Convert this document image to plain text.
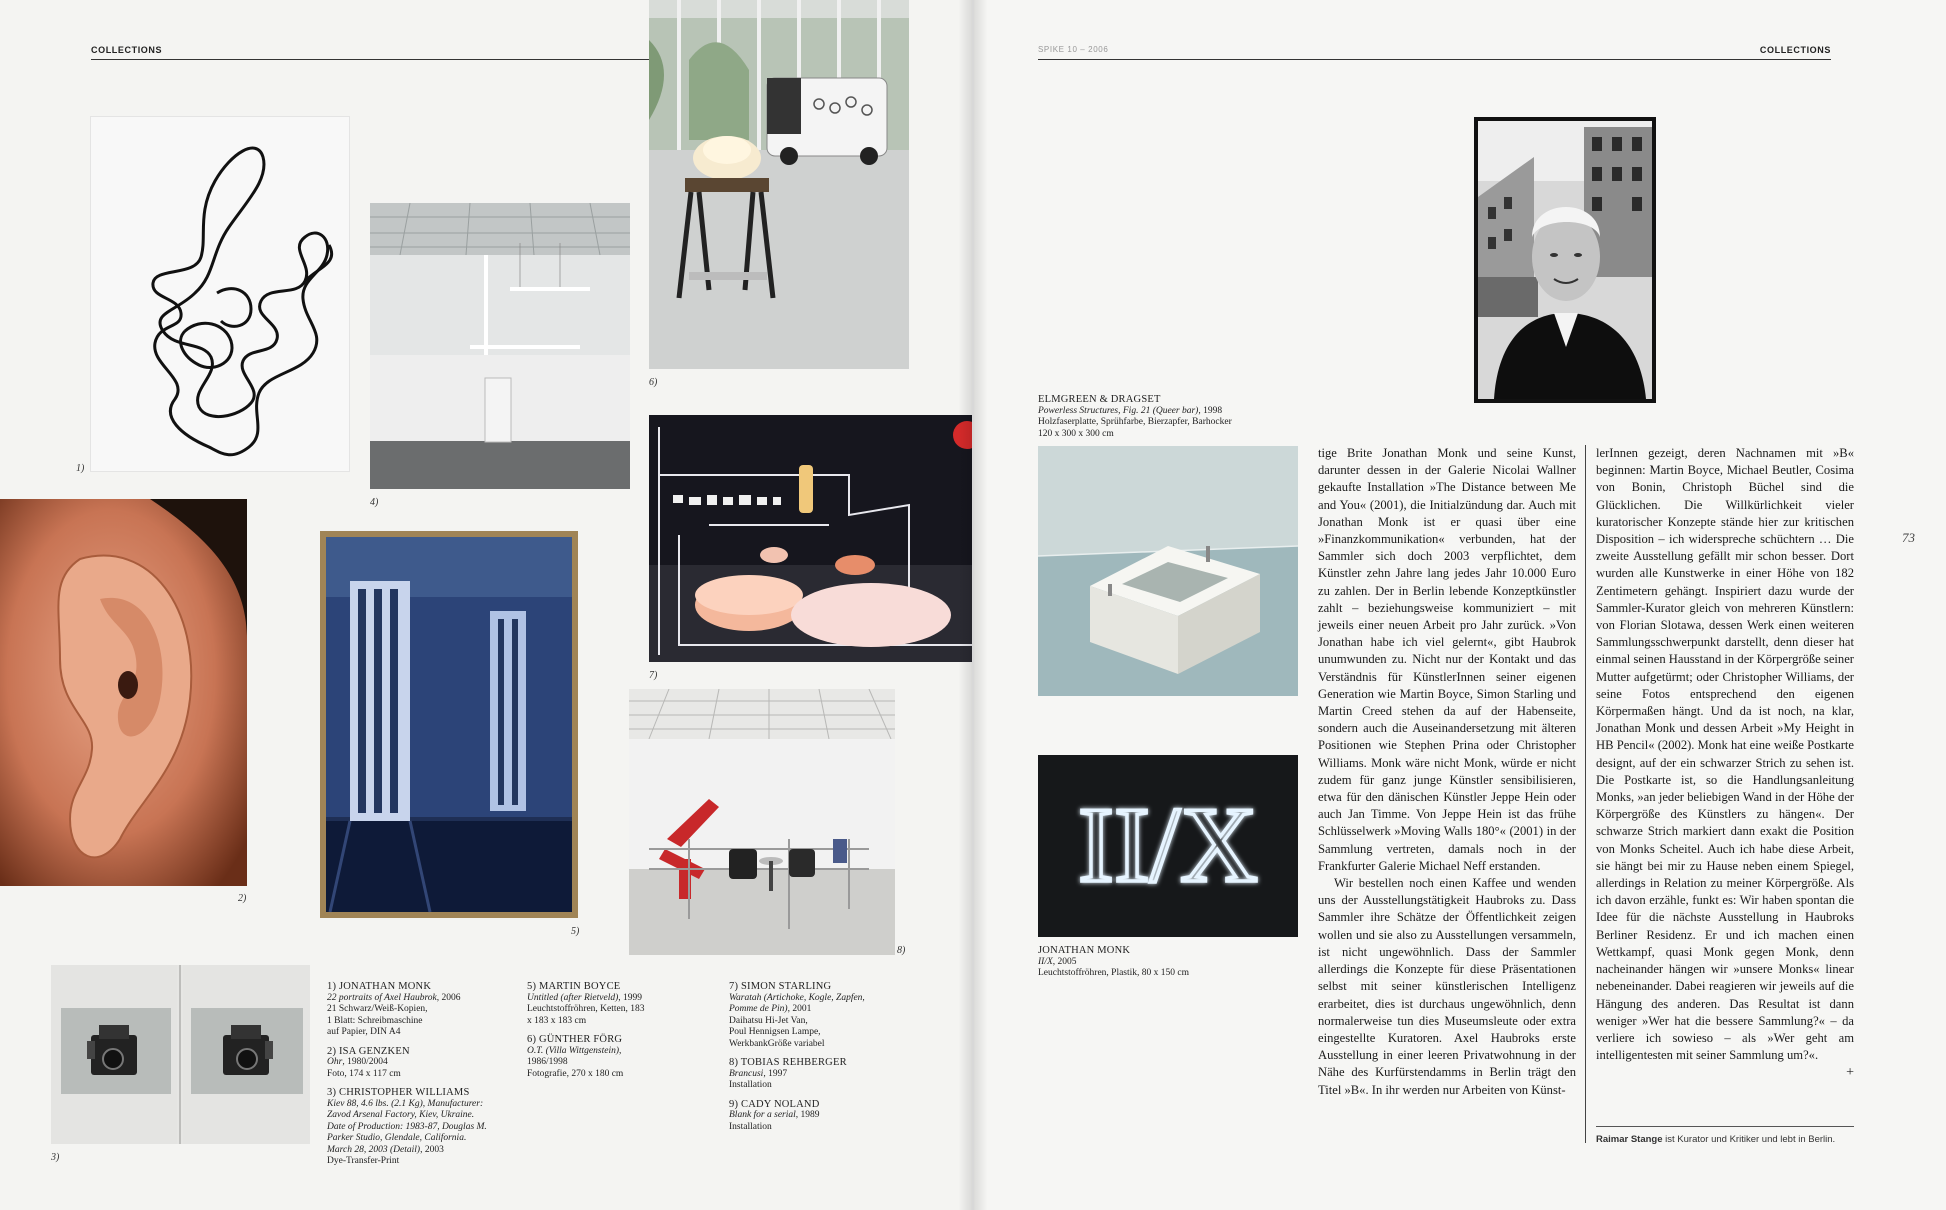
COLLECTIONS
1)
4)
6)
2)
5)
7)
8)
3)
1) JONATHAN MONK
22 portraits of Axel Haubrok, 2006
21 Schwarz/Weiß-Kopien,
1 Blatt: Schreibmaschine
auf Papier, DIN A4
2) ISA GENZKEN
Ohr, 1980/2004
Foto, 174 x 117 cm
3) CHRISTOPHER WILLIAMS
Kiev 88, 4.6 lbs. (2.1 Kg), Manufacturer: Zavod Arsenal Factory, Kiev, Ukraine. Date of Production: 1983-87, Douglas M. Parker Studio, Glendale, California. March 28, 2003 (Detail), 2003
Dye-Transfer-Print
5) MARTIN BOYCE
Untitled (after Rietveld), 1999
Leuchtstoffröhren, Ketten, 183
x 183 x 183 cm
6) GÜNTHER FÖRG
O.T. (Villa Wittgenstein),
1986/1998
Fotografie, 270 x 180 cm
7) SIMON STARLING
Waratah (Artichoke, Kogle, Zapfen, Pomme de Pin), 2001
Daihatsu Hi-Jet Van,
Poul Hennigsen Lampe,
WerkbankGröße variabel
8) TOBIAS REHBERGER
Brancusi, 1997
Installation
9) CADY NOLAND
Blank for a serial, 1989
Installation
SPIKE 10 – 2006	COLLECTIONS
ELMGREEN & DRAGSET
Powerless Structures, Fig. 21 (Queer bar), 1998
Holzfaserplatte, Sprühfarbe, Bierzapfer, Barhocker
120 x 300 x 300 cm
II/X
JONATHAN MONK
II/X, 2005
Leuchtstoffröhren, Plastik, 80 x 150 cm

tige Brite Jonathan Monk und seine Kunst, darunter dessen in der Galerie Nicolai Wallner gekaufte Installation »The Distance between Me and You« (2001), die Initialzündung dar. Auch mit Jonathan Monk ist er quasi über eine »Finanzkommunikation« verbunden, hat der Sammler sich doch 2003 verpflichtet, dem Künstler zehn Jahre lang jedes Jahr 10.000 Euro zu zahlen. Der in Berlin lebende Konzeptkünstler zahlt – beziehungsweise kommuniziert – mit jeweils einer neuen Arbeit pro Jahr zurück. »Von Jonathan habe ich viel gelernt«, gibt Haubrok unumwunden zu. Nicht nur der Kontakt und das Verständnis für KünstlerInnen seiner eigenen Generation wie Martin Boyce, Simon Starling und Martin Creed stehen da auf der Habenseite, sondern auch die Auseinandersetzung mit älteren Positionen wie Stephen Prina oder Christopher Williams. Monk wäre nicht Monk, würde er nicht zudem für ganz junge Künstler sensibilisieren, etwa für den dänischen Künstler Jeppe Hein oder auch Jan Timme. Von Jeppe Hein ist das frühe Schlüsselwerk »Moving Walls 180°« (2001) in der Sammlung vertreten, damals noch in der Frankfurter Galerie Michael Neff erstanden.

Wir bestellen noch einen Kaffee und wenden uns der Ausstellungstätigkeit Haubroks zu. Dass Sammler ihre Schätze der Öffentlichkeit zeigen wollen und sie also zu Ausstellungen versammeln, ist nicht ungewöhnlich. Dass der Sammler allerdings die Konzepte für diese Präsentationen selbst mit seiner künstlerischen Intelligenz erarbeitet, dies ist durchaus ungewöhnlich, denn normalerweise tun dies Museumsleute oder extra eingestellte Kuratoren. Axel Haubroks erste Ausstellung in einer leeren Privatwohnung in der Nähe des Kurfürstendamms in Berlin trägt den Titel »B«. In ihr werden nur Arbeiten von Künst-

lerInnen gezeigt, deren Nachnamen mit »B« beginnen: Martin Boyce, Michael Beutler, Cosima von Bonin, Christoph Büchel sind die Glücklichen. Die Willkürlichkeit vieler kuratorischer Konzepte stände hier zur kritischen Disposition – ich widerspreche schüchtern … Die zweite Ausstellung gefällt mir schon besser. Dort wurden alle Kunstwerke in einer Höhe von 182 Zentimetern gehängt. Inspiriert dazu wurde der Sammler-Kurator gleich von mehreren Künstlern: von Florian Slotawa, dessen Werk einen weiteren Sammlungsschwerpunkt darstellt, denn dieser hat einmal seinen Hausstand in der Körpergröße seiner Mutter aufgetürmt; oder Christopher Williams, der seine Fotos entsprechend den eigenen Körpermaßen hängt. Und da ist noch, na klar, Jonathan Monk und dessen Arbeit »My Height in HB Pencil« (2002). Monk hat eine weiße Postkarte designt, auf der ein schwarzer Strich zu sehen ist. Die Postkarte ist, so die Handlungsanleitung Monks, »an jeder beliebigen Wand in der Höhe der Körpergröße des Künstlers zu hängen«. Der schwarze Strich markiert dann exakt die Position von Monks Scheitel. Auch ich habe diese Arbeit, sie hängt bei mir zu Hause neben einem Spiegel, allerdings in Relation zu meiner Körpergröße. Als ich davon erzähle, funkt es: Wir haben spontan die Idee für die nächste Ausstellung in Haubroks Berliner Residenz. Er und ich machen einen Wettkampf, quasi Monk gegen Monk, denn nacheinander hängen wir »unsere Monks« linear nebeneinander. Dabei reagieren wir jeweils auf die Hängung des anderen. Das Resultat ist dann weniger »Wer hat die bessere Sammlung?« – da verliere ich sowieso – als »Wer geht am intelligentesten mit seiner Sammlung um?«.

+
73
Raimar Stange ist Kurator und Kritiker und lebt in Berlin.
